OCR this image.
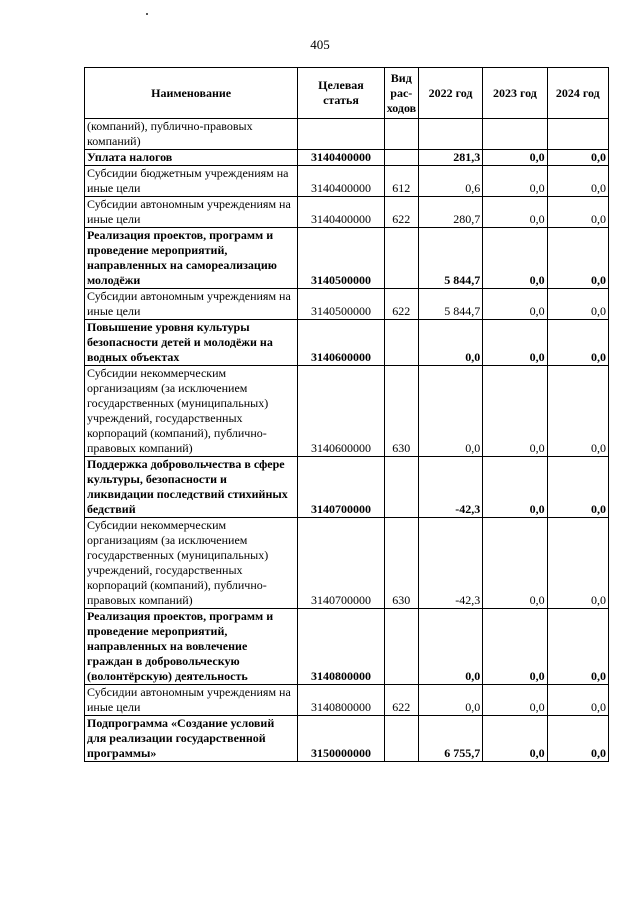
405
Наименование	Целевая статья	Вид рас-ходов	2022 год	2023 год	2024 год
(компаний), публично-правовых компаний)					
Уплата налогов	3140400000		281,3	0,0	0,0
Субсидии бюджетным учреждениям на иные цели	3140400000	612	0,6	0,0	0,0
Субсидии автономным учреждениям на иные цели	3140400000	622	280,7	0,0	0,0
Реализация проектов, программ и проведение мероприятий, направленных на самореализацию молодёжи	3140500000		5 844,7	0,0	0,0
Субсидии автономным учреждениям на иные цели	3140500000	622	5 844,7	0,0	0,0
Повышение уровня культуры безопасности детей и молодёжи на водных объектах	3140600000		0,0	0,0	0,0
Субсидии некоммерческим организациям (за исключением государственных (муниципальных) учреждений, государственных корпораций (компаний), публично-правовых компаний)	3140600000	630	0,0	0,0	0,0
Поддержка добровольчества в сфере культуры, безопасности и ликвидации последствий стихийных бедствий	3140700000		-42,3	0,0	0,0
Субсидии некоммерческим организациям (за исключением государственных (муниципальных) учреждений, государственных корпораций (компаний), публично-правовых компаний)	3140700000	630	-42,3	0,0	0,0
Реализация проектов, программ и проведение мероприятий, направленных на вовлечение граждан в добровольческую (волонтёрскую) деятельность	3140800000		0,0	0,0	0,0
Субсидии автономным учреждениям на иные цели	3140800000	622	0,0	0,0	0,0
Подпрограмма «Создание условий для реализации государственной программы»	3150000000		6 755,7	0,0	0,0
